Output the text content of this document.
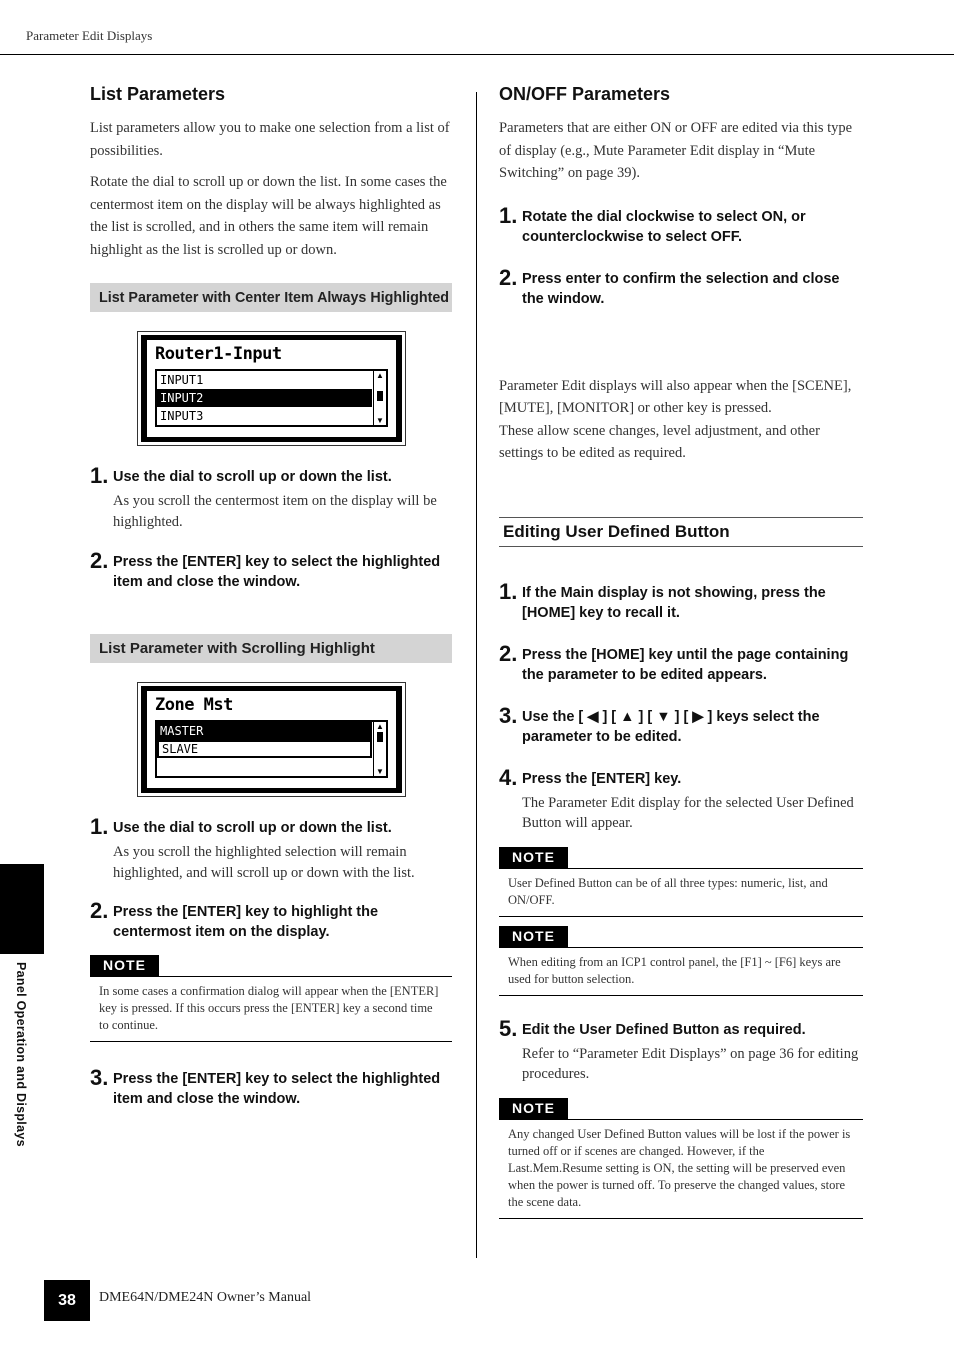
Parameter Edit Displays
List Parameters

List parameters allow you to make one selection from a list of possibilities.

Rotate the dial to scroll up or down the list. In some cases the centermost item on the display will be always highlighted as the list is scrolled, and in others the same item will remain highlight as the list is scrolled up or down.

List Parameter with Center Item Always Highlighted
Router1-Input
INPUT1
INPUT2
INPUT3
▲
▼
1. Use the dial to scroll up or down the list.
As you scroll the centermost item on the display will be highlighted.
2. Press the [ENTER] key to select the highlighted item and close the window.
List Parameter with Scrolling Highlight
Zone Mst
MASTER
SLAVE
▲
▼
1. Use the dial to scroll up or down the list.
As you scroll the highlighted selection will remain highlighted, and will scroll up or down with the list.
2. Press the [ENTER] key to highlight the centermost item on the display.
NOTE
In some cases a confirmation dialog will appear when the [ENTER] key is pressed. If this occurs press the [ENTER] key a second time to continue.
3. Press the [ENTER] key to select the highlighted item and close the window.
ON/OFF Parameters

Parameters that are either ON or OFF are edited via this type of display (e.g., Mute Parameter Edit display in “Mute Switching” on page 39).

1. Rotate the dial clockwise to select ON, or counterclockwise to select OFF.
2. Press enter to confirm the selection and close the window.

Parameter Edit displays will also appear when the [SCENE], [MUTE], [MONITOR] or other key is pressed.

These allow scene changes, level adjustment, and other settings to be edited as required.

Editing User Defined Button
1. If the Main display is not showing, press the [HOME] key to recall it.
2. Press the [HOME] key until the page containing the parameter to be edited appears.
3. Use the [ ◀ ] [ ▲ ] [ ▼ ] [ ▶ ] keys select the parameter to be edited.
4. Press the [ENTER] key.
The Parameter Edit display for the selected User Defined Button will appear.
NOTE
User Defined Button can be of all three types: numeric, list, and ON/OFF.
NOTE
When editing from an ICP1 control panel, the [F1] ~ [F6] keys are used for button selection.
5. Edit the User Defined Button as required.
Refer to “Parameter Edit Displays” on page 36 for editing procedures.
NOTE
Any changed User Defined Button values will be lost if the power is turned off or if scenes are changed. However, if the Last.Mem.Resume setting is ON, the setting will be preserved even when the power is turned off. To preserve the changed values, store the scene data.
Panel Operation and Displays
38	DME64N/DME24N Owner’s Manual
